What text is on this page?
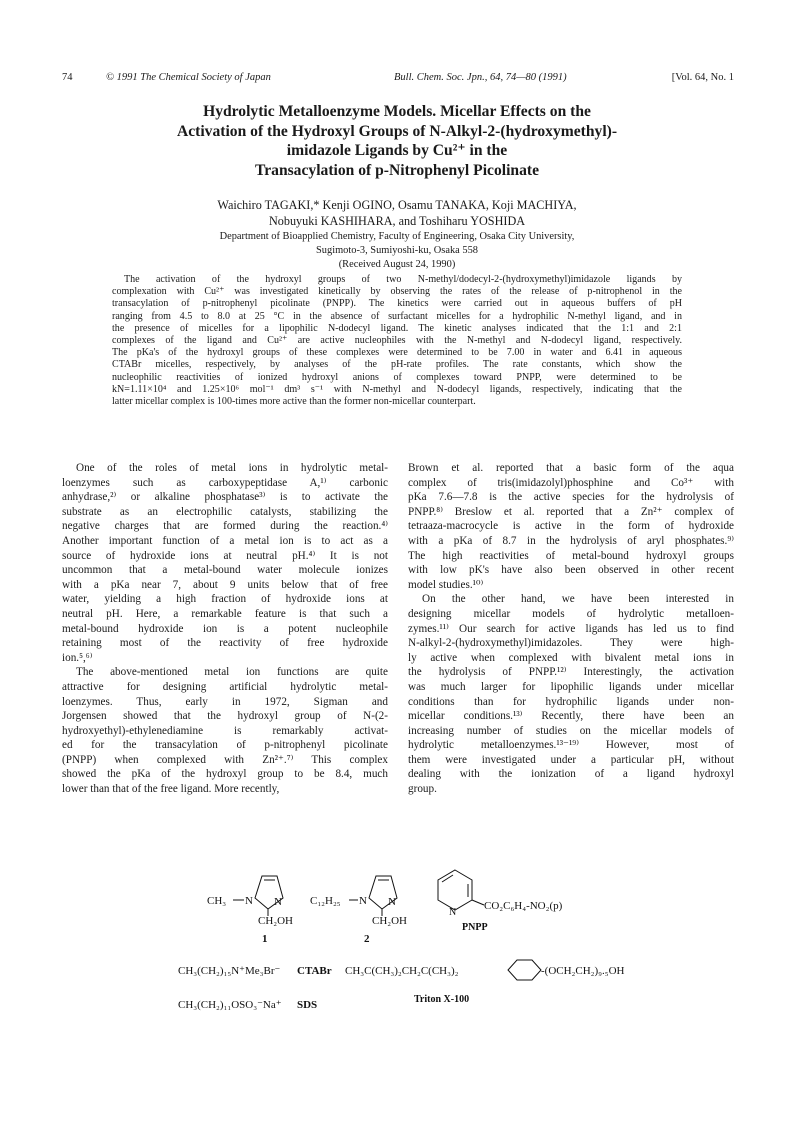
74	© 1991 The Chemical Society of Japan	Bull. Chem. Soc. Jpn., 64, 74—80 (1991)	[Vol. 64, No. 1
Hydrolytic Metalloenzyme Models. Micellar Effects on the
Activation of the Hydroxyl Groups of N-Alkyl-2-(hydroxymethyl)-
imidazole Ligands by Cu²⁺ in the
Transacylation of p-Nitrophenyl Picolinate
Waichiro TAGAKI,* Kenji OGINO, Osamu TANAKA, Koji MACHIYA,
Nobuyuki KASHIHARA, and Toshiharu YOSHIDA
Department of Bioapplied Chemistry, Faculty of Engineering, Osaka City University,
Sugimoto-3, Sumiyoshi-ku, Osaka 558
(Received August 24, 1990)
The activation of the hydroxyl groups of two N-methyl/dodecyl-2-(hydroxymethyl)imidazole ligands by
complexation with Cu²⁺ was investigated kinetically by observing the rates of the release of p-nitrophenol in the
transacylation of p-nitrophenyl picolinate (PNPP). The kinetics were carried out in aqueous buffers of pH
ranging from 4.5 to 8.0 at 25 °C in the absence of surfactant micelles for a hydrophilic N-methyl ligand, and in
the presence of micelles for a lipophilic N-dodecyl ligand. The kinetic analyses indicated that the 1:1 and 2:1
complexes of the ligand and Cu²⁺ are active nucleophiles with the N-methyl and N-dodecyl ligand, respectively.
The pKa's of the hydroxyl groups of these complexes were determined to be 7.00 in water and 6.41 in aqueous
CTABr micelles, respectively, by analyses of the pH-rate profiles. The rate constants, which show the
nucleophilic reactivities of ionized hydroxyl anions of complexes toward PNPP, were determined to be
kN=1.11×10⁴ and 1.25×10⁶ mol⁻¹ dm³ s⁻¹ with N-methyl and N-dodecyl ligands, respectively, indicating that the
latter micellar complex is 100-times more active than the former non-micellar counterpart.
One of the roles of metal ions in hydrolytic metal-
loenzymes such as carboxypeptidase A,¹⁾ carbonic
anhydrase,²⁾ or alkaline phosphatase³⁾ is to activate the
substrate as an electrophilic catalysts, stabilizing the
negative charges that are formed during the reaction.⁴⁾
Another important function of a metal ion is to act as a
source of hydroxide ions at neutral pH.⁴⁾ It is not
uncommon that a metal-bound water molecule ionizes
with a pKa near 7, about 9 units below that of free
water, yielding a high fraction of hydroxide ions at
neutral pH. Here, a remarkable feature is that such a
metal-bound hydroxide ion is a potent nucleophile
retaining most of the reactivity of free hydroxide
ion.⁵,⁶⁾
The above-mentioned metal ion functions are quite
attractive for designing artificial hydrolytic metal-
loenzymes. Thus, early in 1972, Sigman and
Jorgensen showed that the hydroxyl group of N-(2-
hydroxyethyl)-ethylenediamine is remarkably activat-
ed for the transacylation of p-nitrophenyl picolinate
(PNPP) when complexed with Zn²⁺.⁷⁾ This complex
showed the pKa of the hydroxyl group to be 8.4, much
lower than that of the free ligand. More recently,
Brown et al. reported that a basic form of the aqua
complex of tris(imidazolyl)phosphine and Co³⁺ with
pKa 7.6—7.8 is the active species for the hydrolysis of
PNPP.⁸⁾ Breslow et al. reported that a Zn²⁺ complex of
tetraaza-macrocycle is active in the form of hydroxide
with a pKa of 8.7 in the hydrolysis of aryl phosphates.⁹⁾
The high reactivities of metal-bound hydroxyl groups
with low pK's have also been observed in other recent
model studies.¹⁰⁾
On the other hand, we have been interested in
designing micellar models of hydrolytic metalloen-
zymes.¹¹⁾ Our search for active ligands has led us to find
N-alkyl-2-(hydroxymethyl)imidazoles. They were high-
ly active when complexed with bivalent metal ions in
the hydrolysis of PNPP.¹²⁾ Interestingly, the activation
was much larger for lipophilic ligands under micellar
conditions than for hydrophilic ligands under non-
micellar conditions.¹³⁾ Recently, there have been an
increasing number of studies on the micellar models of
hydrolytic metalloenzymes.¹³⁻¹⁹⁾ However, most of
them were investigated under a particular pH, without
dealing with the ionization of a ligand hydroxyl
group.
CH₃ N N
CH₂OH
1
C₁₂H₂₅ N N
CH₂OH
2
N
CO₂C₆H₄-NO₂(p)
PNPP
CH₃(CH₂)₁₅N⁺Me₃Br⁻ CTABr CH₃C(CH₃)₂CH₂C(CH₃)₂	-(OCH₂CH₂)₉.₅OH
CH₃(CH₂)₁₁OSO₃⁻Na⁺ SDS	Triton X-100
